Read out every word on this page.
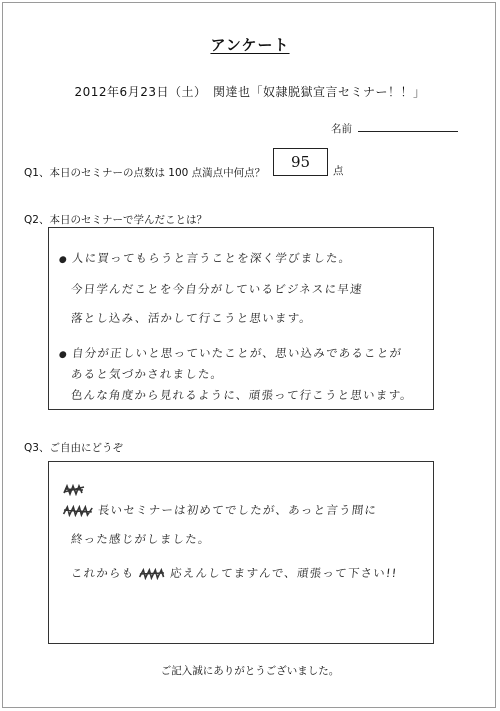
アンケート
2012年6月23日（土）　関達也「奴隷脱獄宣言セミナー！！」
名前
Q1、本日のセミナーの点数は 100 点満点中何点？
95	点
Q2、本日のセミナーで学んだことは？
● 人に買ってもらうと言うことを深く学びました。
今日学んだことを今自分がしているビジネスに早速
落とし込み、活かして行こうと思います。
● 自分が正しいと思っていたことが、思い込みであることが
あると気づかされました。
色んな角度から見れるように、頑張って行こうと思います。
Q3、ご自由にどうぞ
長いセミナーは初めてでしたが、あっと言う間に
終った感じがしました。
これからも	応えんしてますんで、頑張って下さい!!
ご記入誠にありがとうございました。
